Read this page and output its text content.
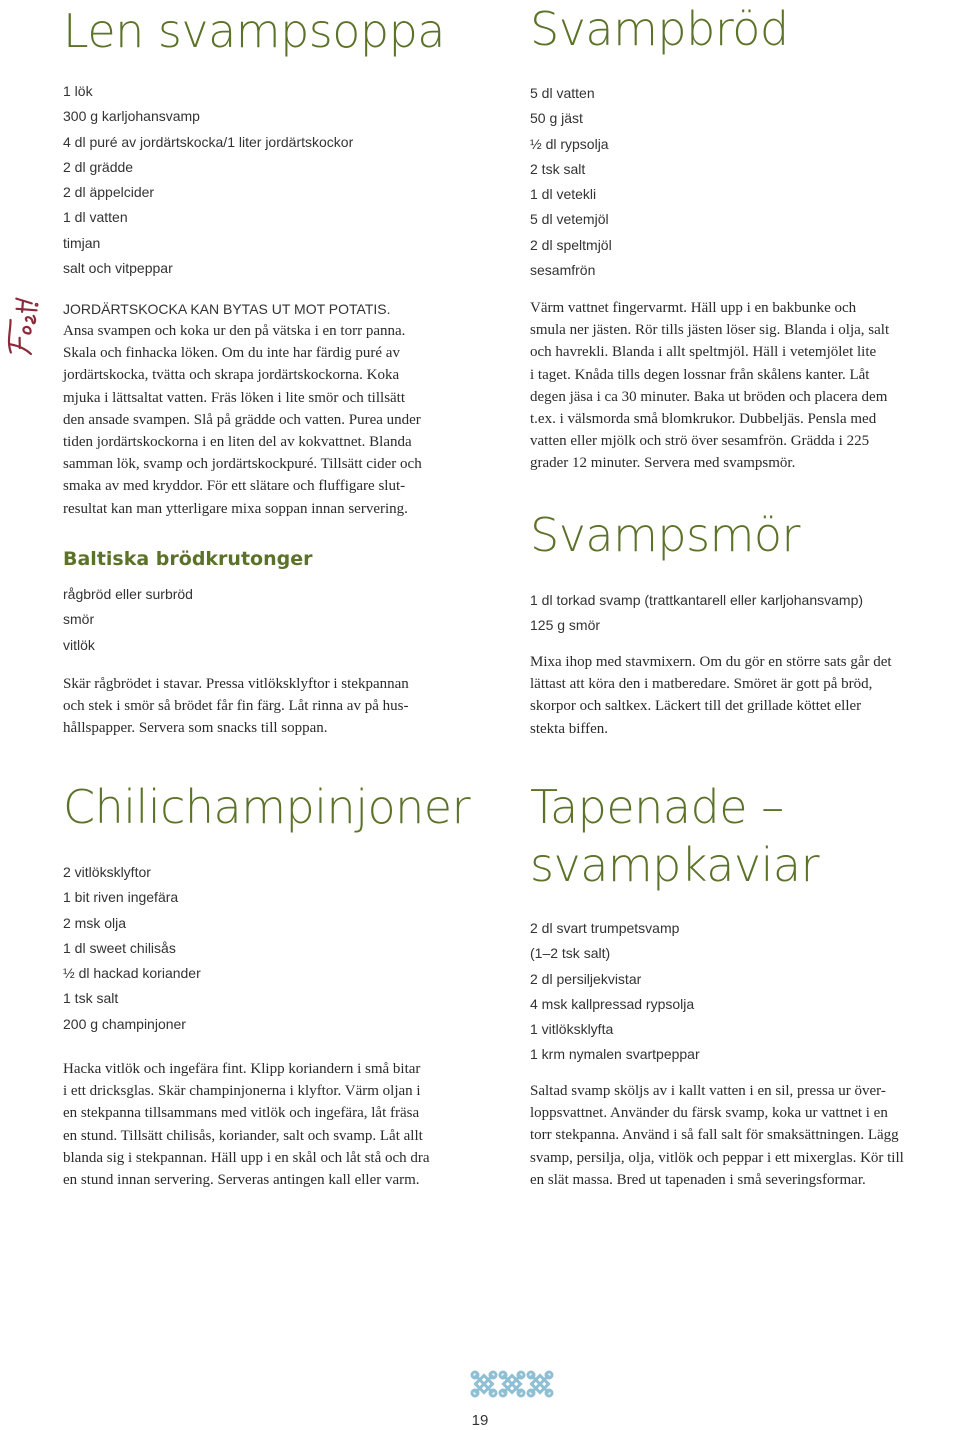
Len svampsoppa
1 lök
300 g karljohansvamp
4 dl puré av jordärtskocka/1 liter jordärtskockor
2 dl grädde
2 dl äppelcider
1 dl vatten
timjan
salt och vitpeppar

JORDÄRTSKOCKA KAN BYTAS UT MOT POTATIS.

Ansa svampen och koka ur den på vätska i en torr panna.
Skala och finhacka löken. Om du inte har färdig puré av
jordärtskocka, tvätta och skrapa jordärtskockorna. Koka
mjuka i lättsaltat vatten. Fräs löken i lite smör och tillsätt
den ansade svampen. Slå på grädde och vatten. Purea under
tiden jordärtskockorna i en liten del av kokvattnet. Blanda
samman lök, svamp och jordärtskockpuré. Tillsätt cider och
smaka av med kryddor. För ett slätare och fluffigare slut-
resultat kan man ytterligare mixa soppan innan servering.
Baltiska brödkrutonger
rågbröd eller surbröd
smör
vitlök
Skär rågbrödet i stavar. Pressa vitlöksklyftor i stekpannan
och stek i smör så brödet får fin färg. Låt rinna av på hus-
hållspapper. Servera som snacks till soppan.
Chilichampinjoner
2 vitlöksklyftor
1 bit riven ingefära
2 msk olja
1 dl sweet chilisås
½ dl hackad koriander
1 tsk salt
200 g champinjoner
Hacka vitlök och ingefära fint. Klipp koriandern i små bitar
i ett dricksglas. Skär champinjonerna i klyftor. Värm oljan i
en stekpanna tillsammans med vitlök och ingefära, låt fräsa
en stund. Tillsätt chilisås, koriander, salt och svamp. Låt allt
blanda sig i stekpannan. Häll upp i en skål och låt stå och dra
en stund innan servering. Serveras antingen kall eller varm.
Svampbröd
5 dl vatten
50 g jäst
½ dl rypsolja
2 tsk salt
1 dl vetekli
5 dl vetemjöl
2 dl speltmjöl
sesamfrön
Värm vattnet fingervarmt. Häll upp i en bakbunke och
smula ner jästen. Rör tills jästen löser sig. Blanda i olja, salt
och havrekli. Blanda i allt speltmjöl. Häll i vetemjölet lite
i taget. Knåda tills degen lossnar från skålens kanter. Låt
degen jäsa i ca 30 minuter. Baka ut bröden och placera dem
t.ex. i välsmorda små blomkrukor. Dubbeljäs. Pensla med
vatten eller mjölk och strö över sesamfrön. Grädda i 225
grader 12 minuter. Servera med svampsmör.
Svampsmör
1 dl torkad svamp (trattkantarell eller karljohansvamp)
125 g smör
Mixa ihop med stavmixern. Om du gör en större sats går det
lättast att köra den i matberedare. Smöret är gott på bröd,
skorpor och saltkex. Läckert till det grillade köttet eller
stekta biffen.
Tapenade –
svampkaviar
2 dl svart trumpetsvamp
(1–2 tsk salt)
2 dl persiljekvistar
4 msk kallpressad rypsolja
1 vitlöksklyfta
1 krm nymalen svartpeppar
Saltad svamp sköljs av i kallt vatten i en sil, pressa ur över-
loppsvattnet. Använder du färsk svamp, koka ur vattnet i en
torr stekpanna. Använd i så fall salt för smaksättningen. Lägg
svamp, persilja, olja, vitlök och peppar i ett mixerglas. Kör till
en slät massa. Bred ut tapenaden i små severingsformar.
19
